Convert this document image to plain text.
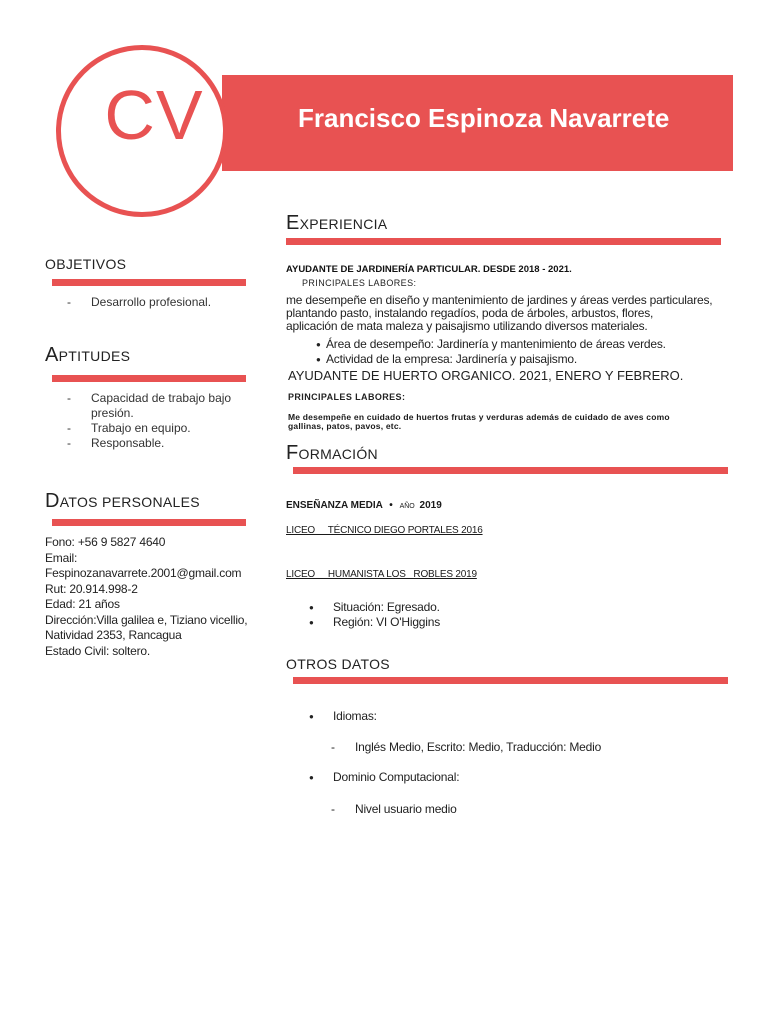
CV	Francisco Espinoza Navarrete
OBJETIVOS
- Desarrollo profesional.
APTITUDES
- Capacidad de trabajo bajo presión.
- Trabajo en equipo.
- Responsable.
DATOS PERSONALES
Fono: +56 9 5827 4640
Email:
Fespinozanavarrete.2001@gmail.com
Rut: 20.914.998-2
Edad: 21 años
Dirección:Villa galilea e, Tiziano vicellio,
Natividad 2353, Rancagua
Estado Civil: soltero.
EXPERIENCIA
AYUDANTE DE JARDINERÍA PARTICULAR. DESDE 2018 - 2021.
PRINCIPALES LABORES:
me desempeñe en diseño y mantenimiento de jardines y áreas verdes particulares,
plantando pasto, instalando regadíos, poda de árboles, arbustos, flores,
aplicación de mata maleza y paisajismo utilizando diversos materiales.
● Área de desempeño: Jardinería y mantenimiento de áreas verdes.
● Actividad de la empresa: Jardinería y paisajismo.
AYUDANTE DE HUERTO ORGANICO. 2021, ENERO Y FEBRERO.
PRINCIPALES LABORES:
Me desempeñe en cuidado de huertos frutas y verduras además de cuidado de aves como
gallinas, patos, pavos, etc.
FORMACIÓN
ENSEÑANZA MEDIA • AÑO 2019
LICEO     TÉCNICO DIEGO PORTALES 2016
LICEO     HUMANISTA LOS   ROBLES 2019
● Situación: Egresado.
● Región: VI O'Higgins
OTROS DATOS
● Idiomas:
- Inglés Medio, Escrito: Medio, Traducción: Medio
● Dominio Computacional:
- Nivel usuario medio
